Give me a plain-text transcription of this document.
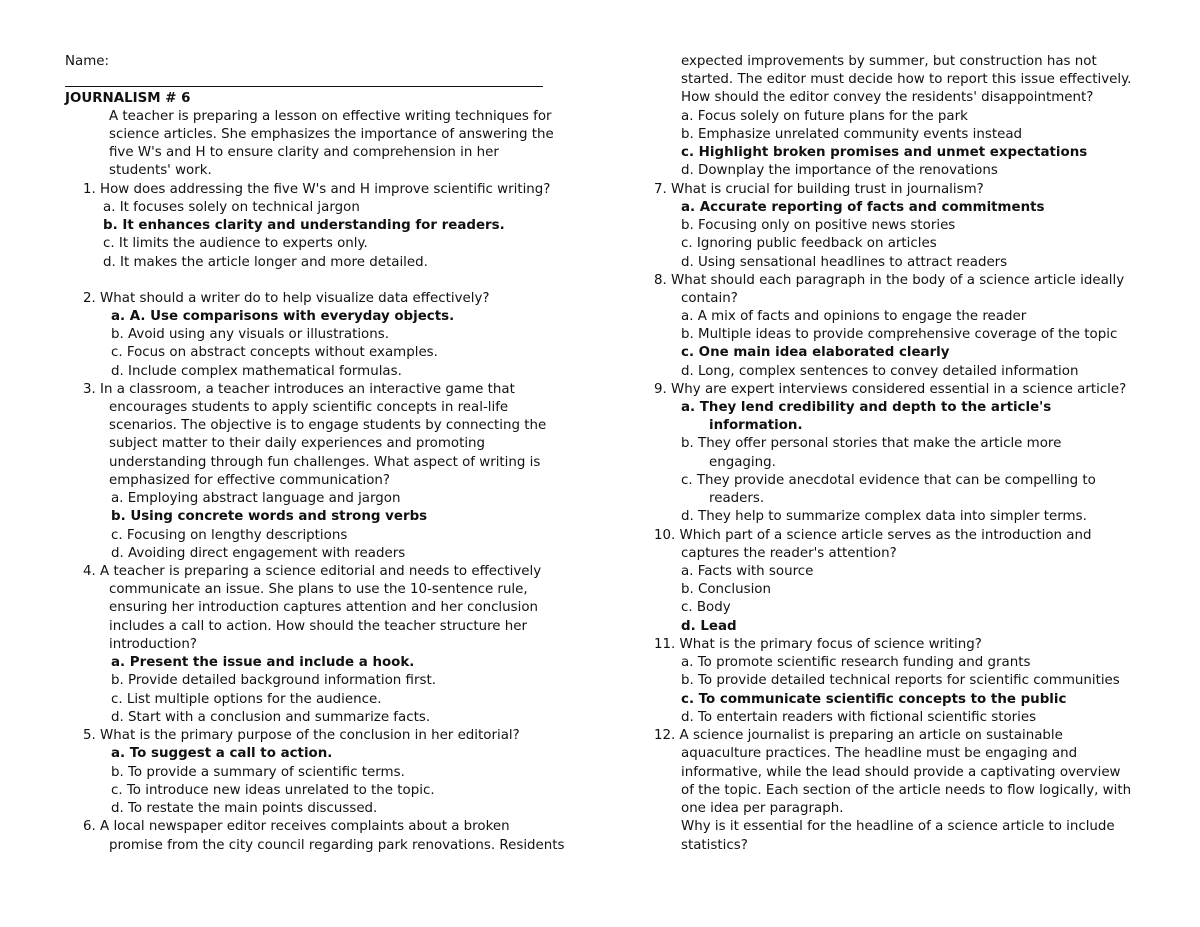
Name:
JOURNALISM # 6
A teacher is preparing a lesson on effective writing techniques for
science articles. She emphasizes the importance of answering the
five W's and H to ensure clarity and comprehension in her
students' work.
1. How does addressing the five W's and H improve scientific writing?
a. It focuses solely on technical jargon
b. It enhances clarity and understanding for readers.
c. It limits the audience to experts only.
d. It makes the article longer and more detailed.
2. What should a writer do to help visualize data effectively?
a. A. Use comparisons with everyday objects.
b. Avoid using any visuals or illustrations.
c. Focus on abstract concepts without examples.
d. Include complex mathematical formulas.
3. In a classroom, a teacher introduces an interactive game that
encourages students to apply scientific concepts in real-life
scenarios. The objective is to engage students by connecting the
subject matter to their daily experiences and promoting
understanding through fun challenges. What aspect of writing is
emphasized for effective communication?
a. Employing abstract language and jargon
b. Using concrete words and strong verbs
c. Focusing on lengthy descriptions
d. Avoiding direct engagement with readers
4. A teacher is preparing a science editorial and needs to effectively
communicate an issue. She plans to use the 10-sentence rule,
ensuring her introduction captures attention and her conclusion
includes a call to action. How should the teacher structure her
introduction?
a. Present the issue and include a hook.
b. Provide detailed background information first.
c. List multiple options for the audience.
d. Start with a conclusion and summarize facts.
5. What is the primary purpose of the conclusion in her editorial?
a. To suggest a call to action.
b. To provide a summary of scientific terms.
c. To introduce new ideas unrelated to the topic.
d. To restate the main points discussed.
6. A local newspaper editor receives complaints about a broken
promise from the city council regarding park renovations. Residents
expected improvements by summer, but construction has not
started. The editor must decide how to report this issue effectively.
How should the editor convey the residents' disappointment?
a. Focus solely on future plans for the park
b. Emphasize unrelated community events instead
c. Highlight broken promises and unmet expectations
d. Downplay the importance of the renovations
7. What is crucial for building trust in journalism?
a. Accurate reporting of facts and commitments
b. Focusing only on positive news stories
c. Ignoring public feedback on articles
d. Using sensational headlines to attract readers
8. What should each paragraph in the body of a science article ideally
contain?
a. A mix of facts and opinions to engage the reader
b. Multiple ideas to provide comprehensive coverage of the topic
c. One main idea elaborated clearly
d. Long, complex sentences to convey detailed information
9. Why are expert interviews considered essential in a science article?
a. They lend credibility and depth to the article's
information.
b. They offer personal stories that make the article more
engaging.
c. They provide anecdotal evidence that can be compelling to
readers.
d. They help to summarize complex data into simpler terms.
10. Which part of a science article serves as the introduction and
captures the reader's attention?
a. Facts with source
b. Conclusion
c. Body
d. Lead
11. What is the primary focus of science writing?
a. To promote scientific research funding and grants
b. To provide detailed technical reports for scientific communities
c. To communicate scientific concepts to the public
d. To entertain readers with fictional scientific stories
12. A science journalist is preparing an article on sustainable
aquaculture practices. The headline must be engaging and
informative, while the lead should provide a captivating overview
of the topic. Each section of the article needs to flow logically, with
one idea per paragraph.
Why is it essential for the headline of a science article to include
statistics?
